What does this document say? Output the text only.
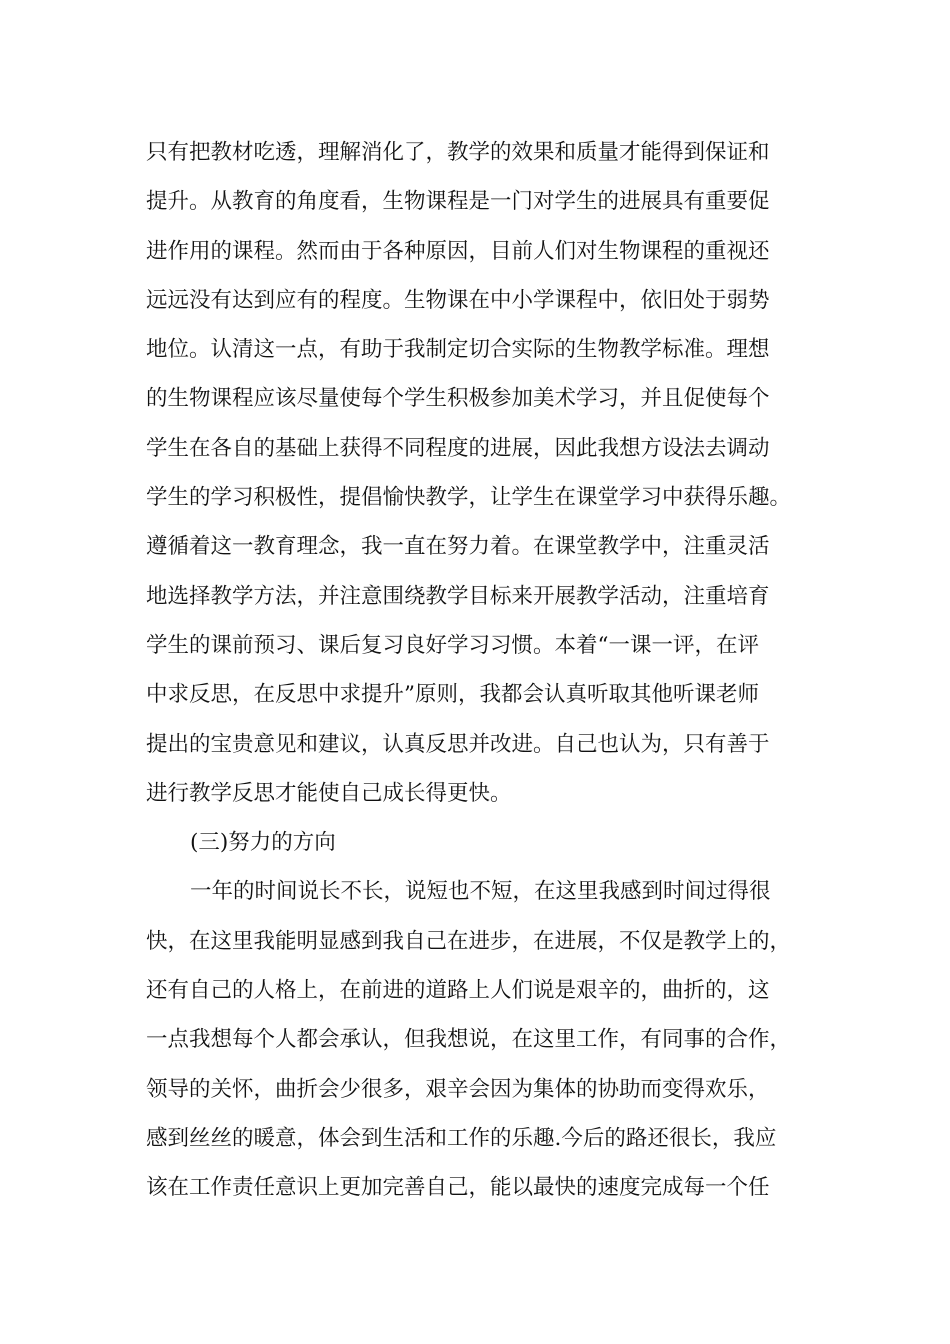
只有把教材吃透，理解消化了，教学的效果和质量才能得到保证和
提升。从教育的角度看，生物课程是一门对学生的进展具有重要促
进作用的课程。然而由于各种原因，目前人们对生物课程的重视还
远远没有达到应有的程度。生物课在中小学课程中，依旧处于弱势
地位。认清这一点，有助于我制定切合实际的生物教学标准。理想
的生物课程应该尽量使每个学生积极参加美术学习，并且促使每个
学生在各自的基础上获得不同程度的进展，因此我想方设法去调动
学生的学习积极性，提倡愉快教学，让学生在课堂学习中获得乐趣。
遵循着这一教育理念，我一直在努力着。在课堂教学中，注重灵活
地选择教学方法，并注意围绕教学目标来开展教学活动，注重培育
学生的课前预习、课后复习良好学习习惯。本着“一课一评，在评
中求反思，在反思中求提升”原则，我都会认真听取其他听课老师
提出的宝贵意见和建议，认真反思并改进。自己也认为，只有善于
进行教学反思才能使自己成长得更快。
(三)努力的方向
一年的时间说长不长，说短也不短，在这里我感到时间过得很
快，在这里我能明显感到我自己在进步，在进展，不仅是教学上的，
还有自己的人格上，在前进的道路上人们说是艰辛的，曲折的，这
一点我想每个人都会承认，但我想说，在这里工作，有同事的合作，
领导的关怀，曲折会少很多，艰辛会因为集体的协助而变得欢乐，
感到丝丝的暖意，体会到生活和工作的乐趣.今后的路还很长，我应
该在工作责任意识上更加完善自己，能以最快的速度完成每一个任
